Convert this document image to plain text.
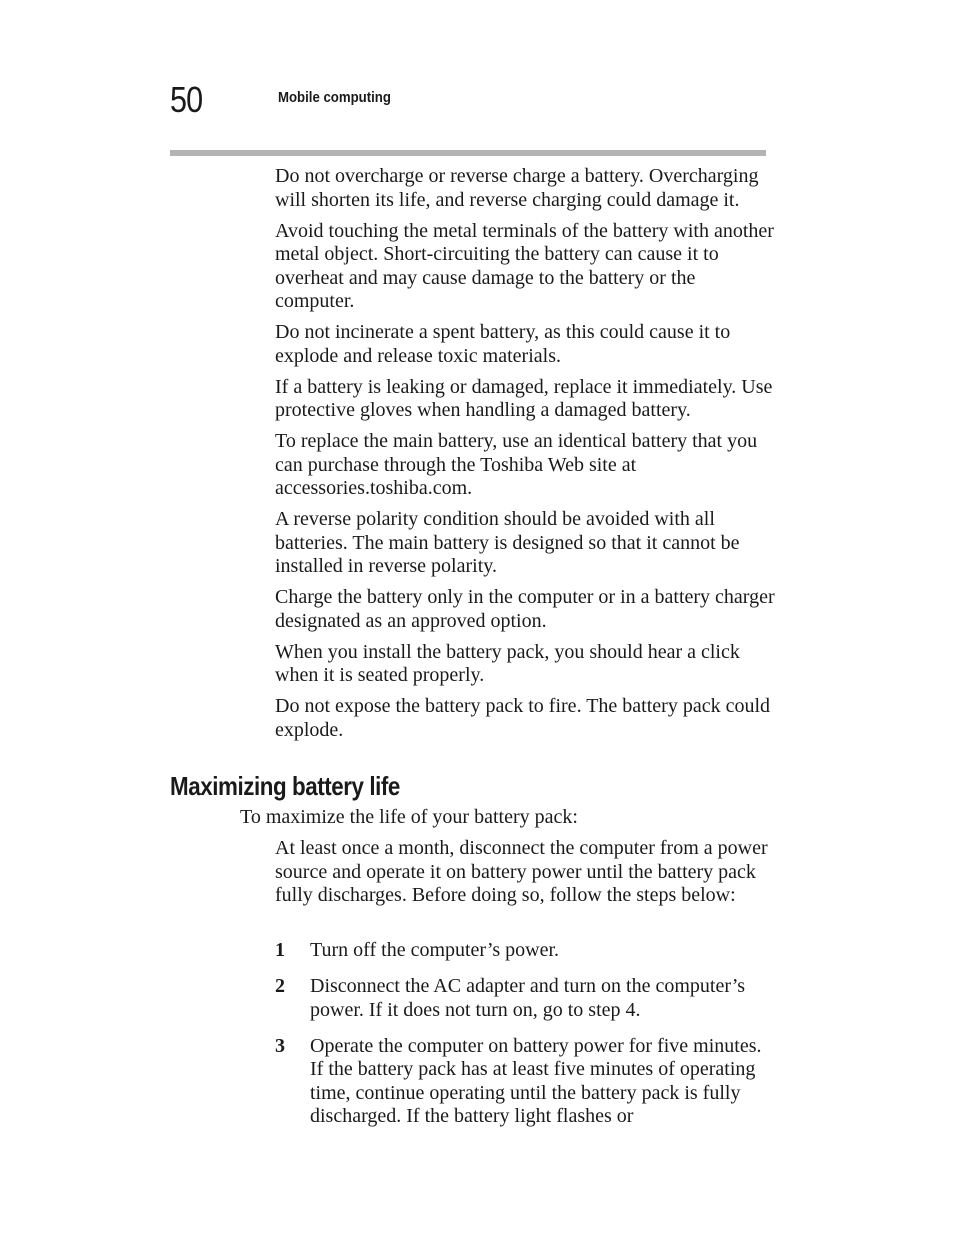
50	Mobile computing

Do not overcharge or reverse charge a battery. Overcharging will shorten its life, and reverse charging could damage it.

Avoid touching the metal terminals of the battery with another metal object. Short-circuiting the battery can cause it to overheat and may cause damage to the battery or the computer.

Do not incinerate a spent battery, as this could cause it to explode and release toxic materials.

If a battery is leaking or damaged, replace it immediately. Use protective gloves when handling a damaged battery.

To replace the main battery, use an identical battery that you can purchase through the Toshiba Web site at accessories.toshiba.com.

A reverse polarity condition should be avoided with all batteries. The main battery is designed so that it cannot be installed in reverse polarity.

Charge the battery only in the computer or in a battery charger designated as an approved option.

When you install the battery pack, you should hear a click when it is seated properly.

Do not expose the battery pack to fire. The battery pack could explode.

Maximizing battery life

To maximize the life of your battery pack:

At least once a month, disconnect the computer from a power source and operate it on battery power until the battery pack fully discharges. Before doing so, follow the steps below:

1	Turn off the computer’s power.
2	Disconnect the AC adapter and turn on the computer’s power. If it does not turn on, go to step 4.
3	Operate the computer on battery power for five minutes. If the battery pack has at least five minutes of operating time, continue operating until the battery pack is fully discharged. If the battery light flashes or
